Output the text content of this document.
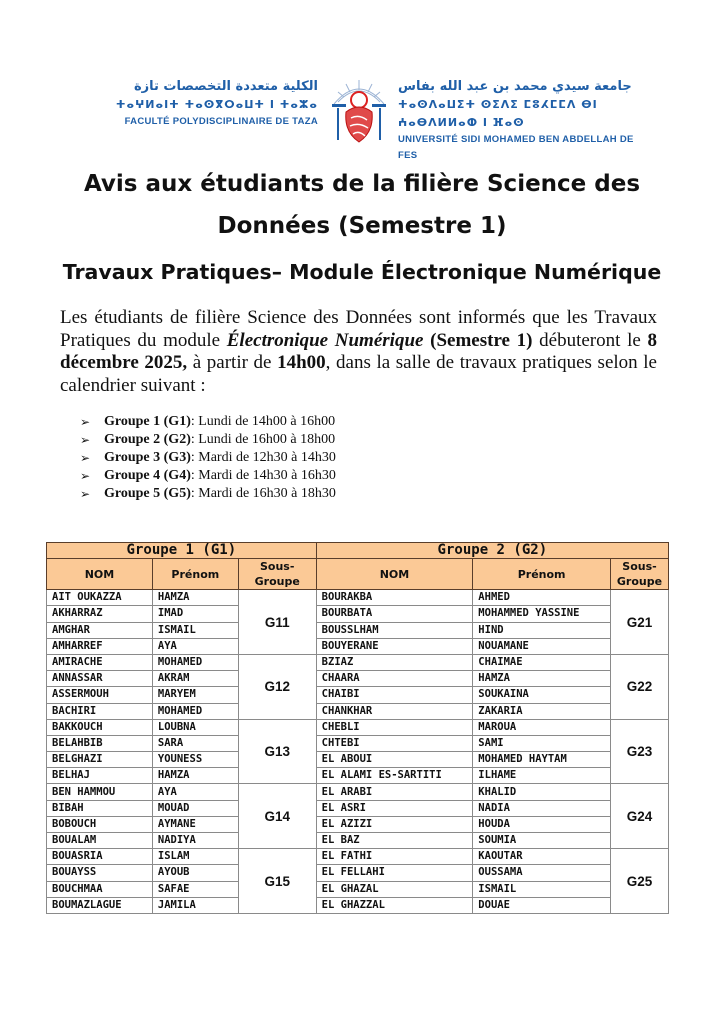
الكلية متعددة التخصصات تازة
ⵜⴰⵖⵍⴰⵏⵜ ⵜⴰⵙⴳⵔⴰⵡⵜ ⵏ ⵜⴰⵣⴰ
FACULTÉ POLYDISCIPLINAIRE DE TAZA
جامعة سيدي محمد بن عبد الله بفاس
ⵜⴰⵙⴷⴰⵡⵉⵜ ⵙⵉⴷⵉ ⵎⵓⵃⵎⵎⴷ ⴱⵏ ⵄⴰⴱⴷⵍⵍⴰⵀ ⵏ ⴼⴰⵙ
UNIVERSITÉ SIDI MOHAMED BEN ABDELLAH DE FES
Avis aux étudiants de la filière Science des Données (Semestre 1)
Travaux Pratiques– Module Électronique Numérique

Les étudiants de filière Science des Données sont informés que les Travaux Pratiques du module Électronique Numérique (Semestre 1) débuteront le 8 décembre 2025, à partir de 14h00, dans la salle de travaux pratiques selon le calendrier suivant :

➢ Groupe 1 (G1) : Lundi de 14h00 à 16h00
➢ Groupe 2 (G2) : Lundi de 16h00 à 18h00
➢ Groupe 3 (G3) : Mardi de 12h30 à 14h30
➢ Groupe 4 (G4) : Mardi de 14h30 à 16h30
➢ Groupe 5 (G5) : Mardi de 16h30 à 18h30
Groupe 1 (G1)			Groupe 2 (G2)		
NOM	Prénom	Sous-Groupe	NOM	Prénom	Sous-Groupe
AIT OUKAZZA	HAMZA	G11	BOURAKBA	AHMED	G21
AKHARRAZ	IMAD		BOURBATA	MOHAMMED YASSINE	
AMGHAR	ISMAIL		BOUSSLHAM	HIND	
AMHARREF	AYA		BOUYERANE	NOUAMANE	
AMIRACHE	MOHAMED	G12	BZIAZ	CHAIMAE	G22
ANNASSAR	AKRAM		CHAARA	HAMZA	
ASSERMOUH	MARYEM		CHAIBI	SOUKAINA	
BACHIRI	MOHAMED		CHANKHAR	ZAKARIA	
BAKKOUCH	LOUBNA	G13	CHEBLI	MAROUA	G23
BELAHBIB	SARA		CHTEBI	SAMI	
BELGHAZI	YOUNESS		EL ABOUI	MOHAMED HAYTAM	
BELHAJ	HAMZA		EL ALAMI ES-SARTITI	ILHAME	
BEN HAMMOU	AYA	G14	EL ARABI	KHALID	G24
BIBAH	MOUAD		EL ASRI	NADIA	
BOBOUCH	AYMANE		EL AZIZI	HOUDA	
BOUALAM	NADIYA		EL BAZ	SOUMIA	
BOUASRIA	ISLAM	G15	EL FATHI	KAOUTAR	G25
BOUAYSS	AYOUB		EL FELLAHI	OUSSAMA	
BOUCHMAA	SAFAE		EL GHAZAL	ISMAIL	
BOUMAZLAGUE	JAMILA		EL GHAZZAL	DOUAE	
